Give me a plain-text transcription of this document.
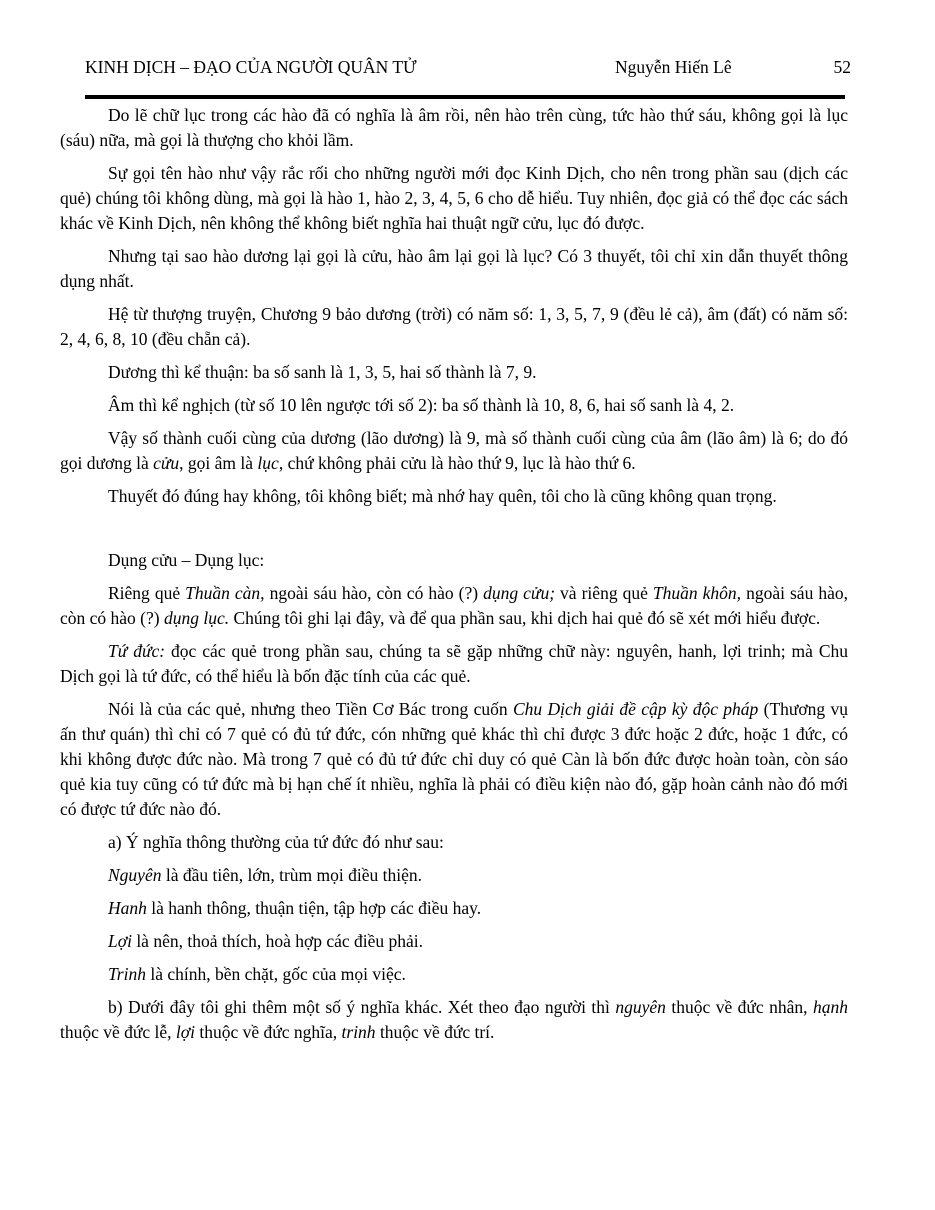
KINH DỊCH – ĐẠO CỦA NGƯỜI QUÂN TỬ	Nguyễn Hiến Lê	52

Do lẽ chữ lục trong các hào đã có nghĩa là âm rồi, nên hào trên cùng, tức hào thứ sáu, không gọi là lục (sáu) nữa, mà gọi là thượng cho khỏi lầm.

Sự gọi tên hào như vậy rắc rối cho những người mới đọc Kinh Dịch, cho nên trong phần sau (dịch các quẻ) chúng tôi không dùng, mà gọi là hào 1, hào 2, 3, 4, 5, 6 cho dễ hiểu. Tuy nhiên, đọc giả có thể đọc các sách khác về Kinh Dịch, nên không thể không biết nghĩa hai thuật ngữ cửu, lục đó được.

Nhưng tại sao hào dương lại gọi là cửu, hào âm lại gọi là lục? Có 3 thuyết, tôi chỉ xin dẫn thuyết thông dụng nhất.

Hệ từ thượng truyện, Chương 9 bảo dương (trời) có năm số: 1, 3, 5, 7, 9 (đều lẻ cả), âm (đất) có năm số: 2, 4, 6, 8, 10 (đều chẵn cả).

Dương thì kể thuận: ba số sanh là 1, 3, 5, hai số thành là 7, 9.

Âm thì kể nghịch (từ số 10 lên ngược tới số 2): ba số thành là 10, 8, 6, hai số sanh là 4, 2.

Vậy số thành cuối cùng của dương (lão dương) là 9, mà số thành cuối cùng của âm (lão âm) là 6; do đó gọi dương là cửu, gọi âm là lục, chứ không phải cửu là hào thứ 9, lục là hào thứ 6.

Thuyết đó đúng hay không, tôi không biết; mà nhớ hay quên, tôi cho là cũng không quan trọng.

Dụng cửu – Dụng lục:

Riêng quẻ Thuần càn, ngoài sáu hào, còn có hào (?) dụng cửu; và riêng quẻ Thuần khôn, ngoài sáu hào, còn có hào (?) dụng lục. Chúng tôi ghi lại đây, và để qua phần sau, khi dịch hai quẻ đó sẽ xét mới hiểu được.

Tứ đức: đọc các quẻ trong phần sau, chúng ta sẽ gặp những chữ này: nguyên, hanh, lợi trinh; mà Chu Dịch gọi là tứ đức, có thể hiểu là bốn đặc tính của các quẻ.

Nói là của các quẻ, nhưng theo Tiền Cơ Bác trong cuốn Chu Dịch giải đề cập kỳ độc pháp (Thương vụ ấn thư quán) thì chỉ có 7 quẻ có đủ tứ đức, cón những quẻ khác thì chỉ được 3 đức hoặc 2 đức, hoặc 1 đức, có khi không được đức nào. Mà trong 7 quẻ có đủ tứ đức chỉ duy có quẻ Càn là bốn đức được hoàn toàn, còn sáo quẻ kia tuy cũng có tứ đức mà bị hạn chế ít nhiều, nghĩa là phải có điều kiện nào đó, gặp hoàn cảnh nào đó mới có được tứ đức nào đó.

a) Ý nghĩa thông thường của tứ đức đó như sau:

Nguyên là đầu tiên, lớn, trùm mọi điều thiện.

Hanh là hanh thông, thuận tiện, tập hợp các điều hay.

Lợi là nên, thoả thích, hoà hợp các điều phải.

Trinh là chính, bền chặt, gốc của mọi việc.

b) Dưới đây tôi ghi thêm một số ý nghĩa khác. Xét theo đạo người thì nguyên thuộc về đức nhân, hạnh thuộc về đức lễ, lợi thuộc về đức nghĩa, trinh thuộc về đức trí.
